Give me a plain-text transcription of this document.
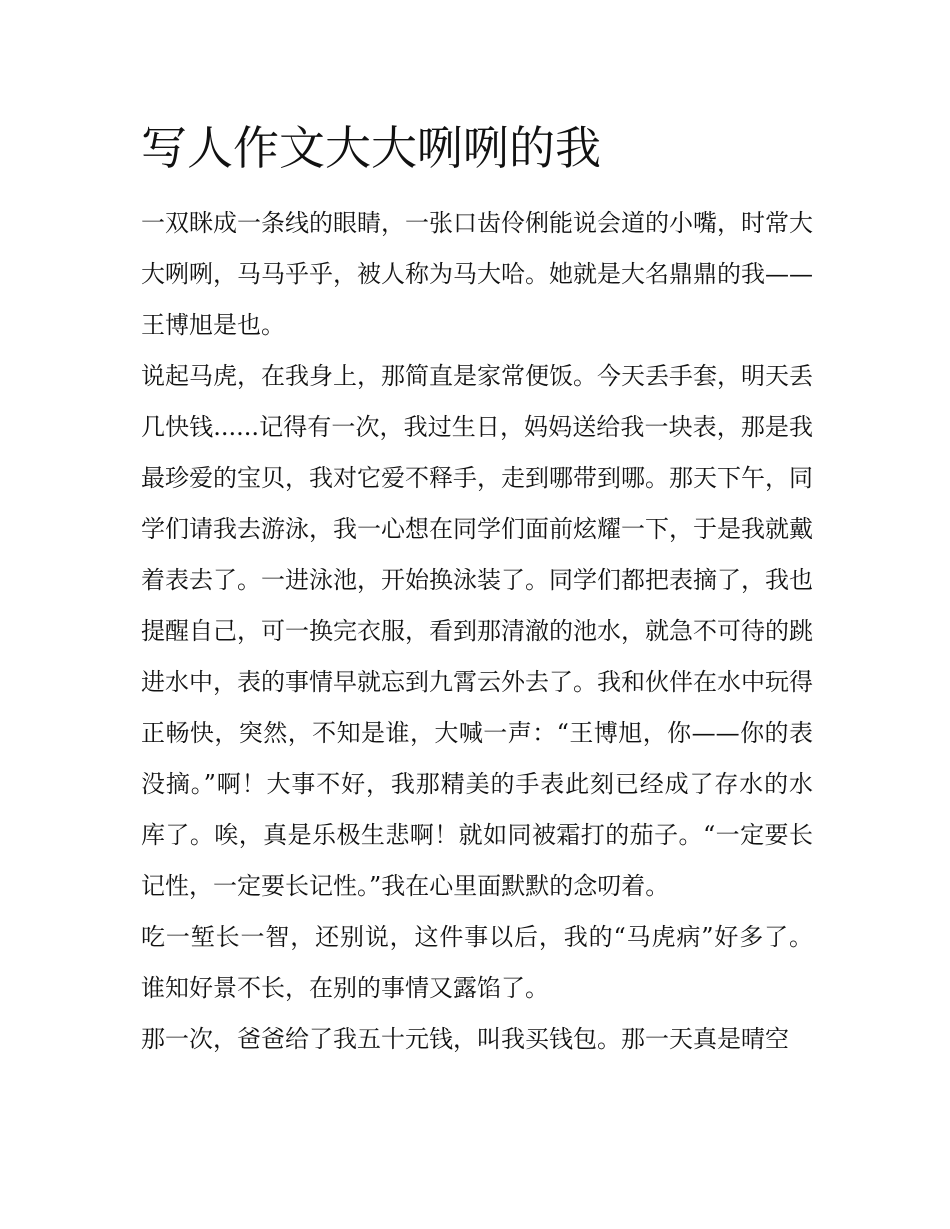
写人作文大大咧咧的我

一双眯成一条线的眼睛，一张口齿伶俐能说会道的小嘴，时常大大咧咧，马马乎乎，被人称为马大哈。她就是大名鼎鼎的我——王博旭是也。

说起马虎，在我身上，那简直是家常便饭。今天丢手套，明天丢几快钱......记得有一次，我过生日，妈妈送给我一块表，那是我最珍爱的宝贝，我对它爱不释手，走到哪带到哪。那天下午，同学们请我去游泳，我一心想在同学们面前炫耀一下，于是我就戴着表去了。一进泳池，开始换泳装了。同学们都把表摘了，我也提醒自己，可一换完衣服，看到那清澈的池水，就急不可待的跳进水中，表的事情早就忘到九霄云外去了。我和伙伴在水中玩得正畅快，突然，不知是谁，大喊一声：“王博旭，你——你的表没摘。”啊！大事不好，我那精美的手表此刻已经成了存水的水库了。唉，真是乐极生悲啊！就如同被霜打的茄子。“一定要长记性，一定要长记性。”我在心里面默默的念叨着。

吃一堑长一智，还别说，这件事以后，我的“马虎病”好多了。谁知好景不长，在别的事情又露馅了。

那一次，爸爸给了我五十元钱，叫我买钱包。那一天真是晴空
